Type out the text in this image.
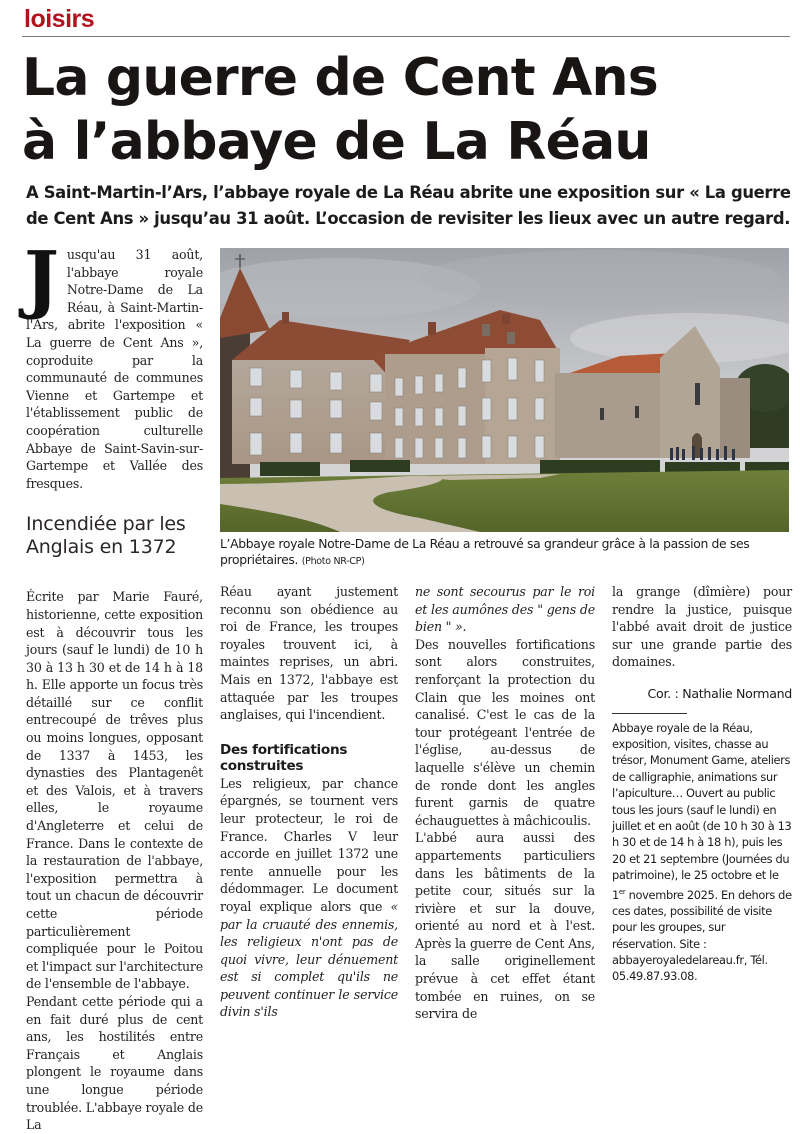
loisirs
La guerre de Cent Ans
à l’abbaye de La Réau
A Saint-Martin-l’Ars, l’abbaye royale de La Réau abrite une exposition sur « La guerre de Cent Ans » jusqu’au 31 août. L’occasion de revisiter les lieux avec un autre regard.

Jusqu'au 31 août, l'abbaye royale Notre-Dame de La Réau, à Saint-Martin-l'Ars, abrite l'exposition « La guerre de Cent Ans », coproduite par la communauté de communes Vienne et Gartempe et l'établissement public de coopération culturelle Abbaye de Saint-Savin-sur-Gartempe et Vallée des fresques.

Incendiée par les Anglais en 1372

Écrite par Marie Fauré, historienne, cette exposition est à découvrir tous les jours (sauf le lundi) de 10 h 30 à 13 h 30 et de 14 h à 18 h. Elle apporte un focus très détaillé sur ce conflit entrecoupé de trêves plus ou moins longues, opposant de 1337 à 1453, les dynasties des Plantagenêt et des Valois, et à travers elles, le royaume d'Angleterre et celui de France. Dans le contexte de la restauration de l'abbaye, l'exposition permettra à tout un chacun de découvrir cette période particulièrement compliquée pour le Poitou et l'impact sur l'architecture de l'ensemble de l'abbaye.

Pendant cette période qui a en fait duré plus de cent ans, les hostilités entre Français et Anglais plongent le royaume dans une longue période troublée. L'abbaye royale de La

L’Abbaye royale Notre-Dame de La Réau a retrouvé sa grandeur grâce à la passion de ses propriétaires. (Photo NR-CP)

Réau ayant justement reconnu son obédience au roi de France, les troupes royales trouvent ici, à maintes reprises, un abri. Mais en 1372, l'abbaye est attaquée par les troupes anglaises, qui l'incendient.

Des fortifications construites

Les religieux, par chance épargnés, se tournent vers leur protecteur, le roi de France. Charles V leur accorde en juillet 1372 une rente annuelle pour les dédommager. Le document royal explique alors que « par la cruauté des ennemis, les religieux n'ont pas de quoi vivre, leur dénuement est si complet qu'ils ne peuvent continuer le service divin s'ils

ne sont secourus par le roi et les aumônes des " gens de bien " ».

Des nouvelles fortifications sont alors construites, renforçant la protection du Clain que les moines ont canalisé. C'est le cas de la tour protégeant l'entrée de l'église, au-dessus de laquelle s'élève un chemin de ronde dont les angles furent garnis de quatre échauguettes à mâchicoulis.

L'abbé aura aussi des appartements particuliers dans les bâtiments de la petite cour, situés sur la rivière et sur la douve, orienté au nord et à l'est. Après la guerre de Cent Ans, la salle originellement prévue à cet effet étant tombée en ruines, on se servira de

la grange (dîmière) pour rendre la justice, puisque l'abbé avait droit de justice sur une grande partie des domaines.

Cor. : Nathalie Normand
Abbaye royale de la Réau, exposition, visites, chasse au trésor, Monument Game, ateliers de calligraphie, animations sur l’apiculture… Ouvert au public tous les jours (sauf le lundi) en juillet et en août (de 10 h 30 à 13 h 30 et de 14 h à 18 h), puis les 20 et 21 septembre (Journées du patrimoine), le 25 octobre et le 1er novembre 2025. En dehors de ces dates, possibilité de visite pour les groupes, sur réservation. Site : abbayeroyaledelareau.fr, Tél. 05.49.87.93.08.
